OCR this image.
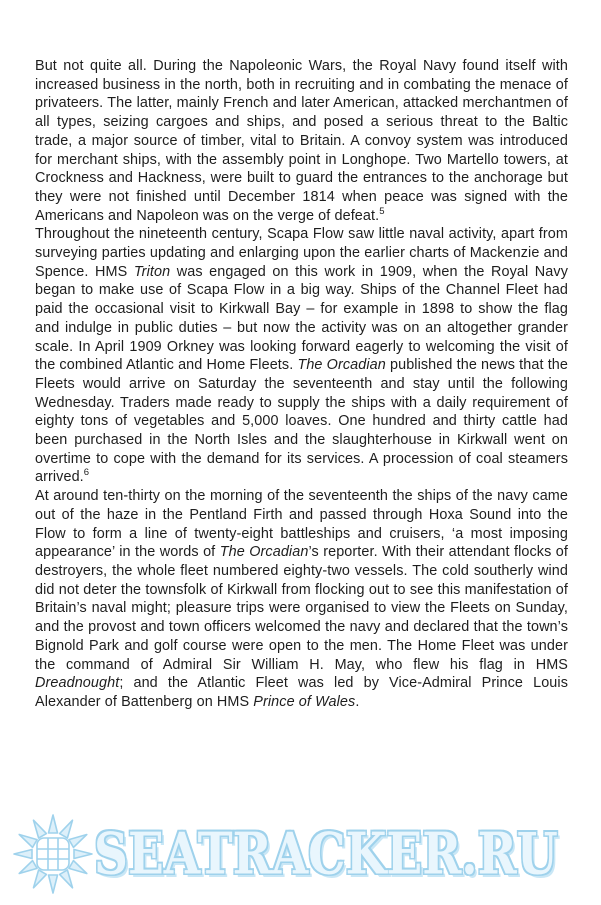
But not quite all. During the Napoleonic Wars, the Royal Navy found itself with increased business in the north, both in recruiting and in combating the menace of privateers. The latter, mainly French and later American, attacked merchantmen of all types, seizing cargoes and ships, and posed a serious threat to the Baltic trade, a major source of timber, vital to Britain. A convoy system was introduced for merchant ships, with the assembly point in Longhope. Two Martello towers, at Crockness and Hackness, were built to guard the entrances to the anchorage but they were not finished until December 1814 when peace was signed with the Americans and Napoleon was on the verge of defeat.$^5$

Throughout the nineteenth century, Scapa Flow saw little naval activity, apart from surveying parties updating and enlarging upon the earlier charts of Mackenzie and Spence. HMS Triton was engaged on this work in 1909, when the Royal Navy began to make use of Scapa Flow in a big way. Ships of the Channel Fleet had paid the occasional visit to Kirkwall Bay – for example in 1898 to show the flag and indulge in public duties – but now the activity was on an altogether grander scale. In April 1909 Orkney was looking forward eagerly to welcoming the visit of the combined Atlantic and Home Fleets. The Orcadian published the news that the Fleets would arrive on Saturday the seventeenth and stay until the following Wednesday. Traders made ready to supply the ships with a daily requirement of eighty tons of vegetables and 5,000 loaves. One hundred and thirty cattle had been purchased in the North Isles and the slaughterhouse in Kirkwall went on overtime to cope with the demand for its services. A procession of coal steamers arrived.$^6$

At around ten-thirty on the morning of the seventeenth the ships of the navy came out of the haze in the Pentland Firth and passed through Hoxa Sound into the Flow to form a line of twenty-eight battleships and cruisers, ‘a most imposing appearance’ in the words of The Orcadian’s reporter. With their attendant flocks of destroyers, the whole fleet numbered eighty-two vessels. The cold southerly wind did not deter the townsfolk of Kirkwall from flocking out to see this manifestation of Britain’s naval might; pleasure trips were organised to view the Fleets on Sunday, and the provost and town officers welcomed the navy and declared that the town’s Bignold Park and golf course were open to the men. The Home Fleet was under the command of Admiral Sir William H. May, who flew his flag in HMS Dreadnought; and the Atlantic Fleet was led by Vice-Admiral Prince Louis Alexander of Battenberg on HMS Prince of Wales.

SEATRACKER.RU
